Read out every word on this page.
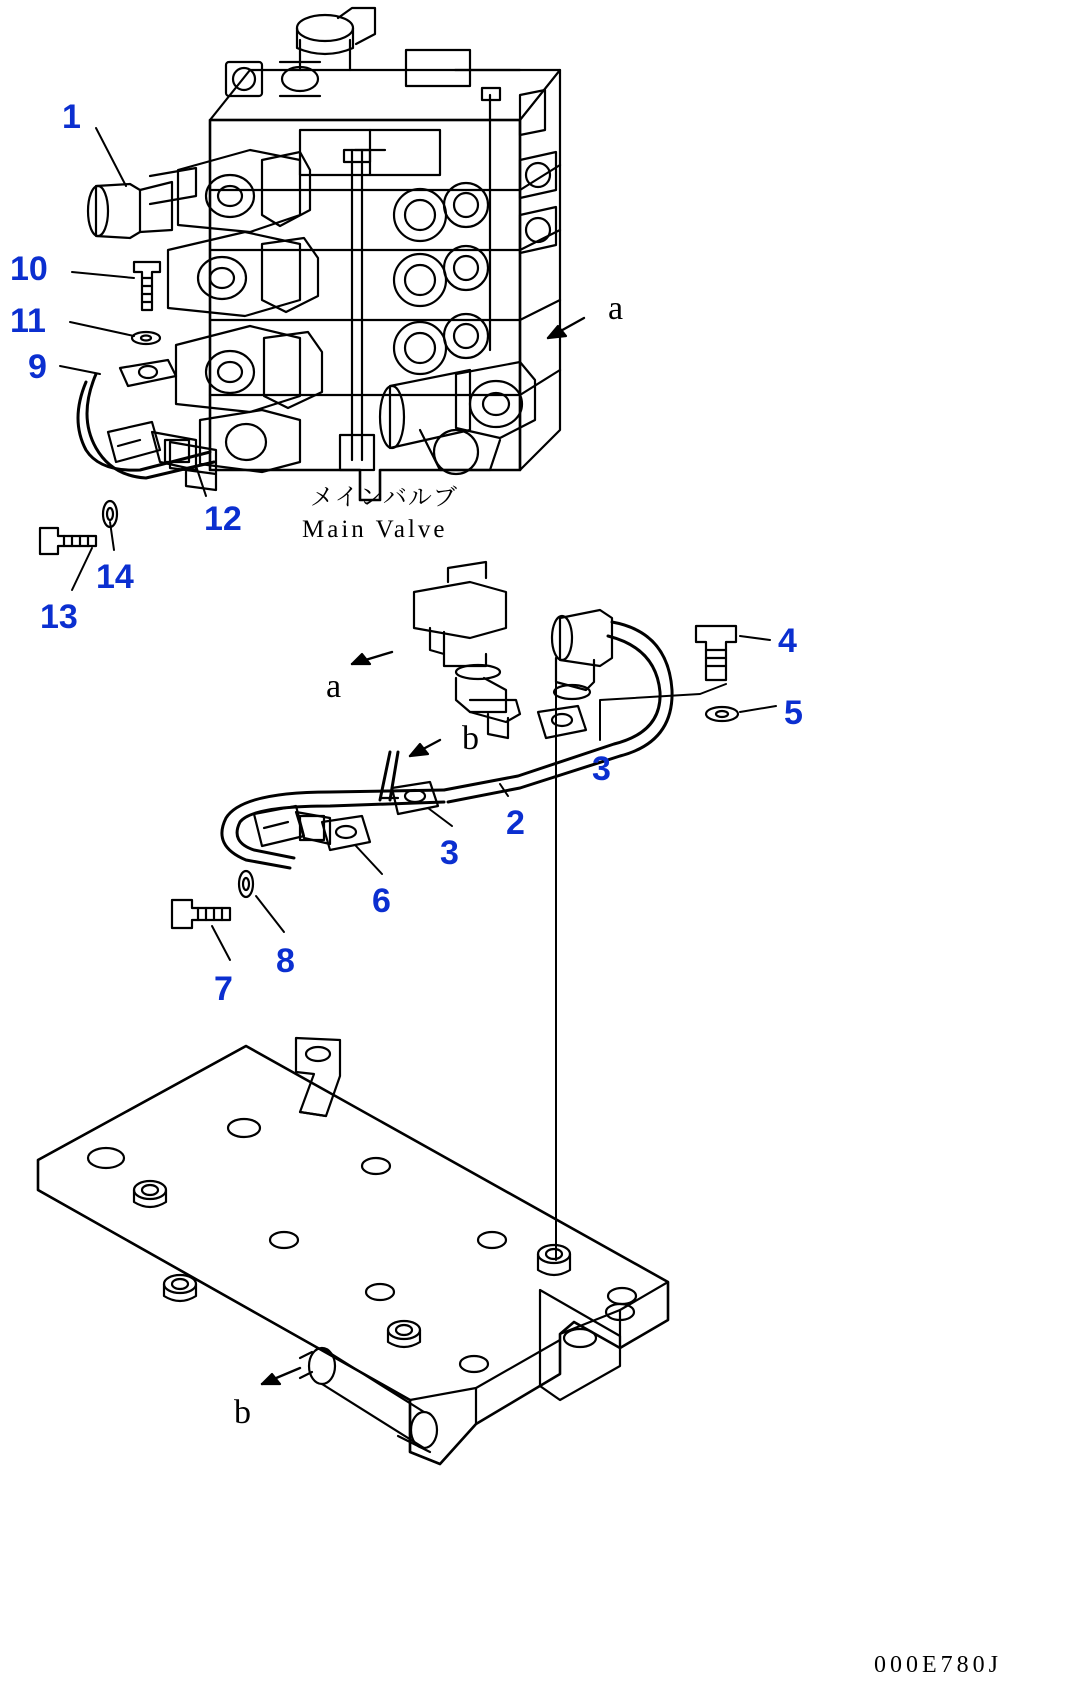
1
10
11
9
12
14
13
4
5
3
2
3
6
8
7
a
a
b
b
メインバルブ
Main Valve
000E780J
